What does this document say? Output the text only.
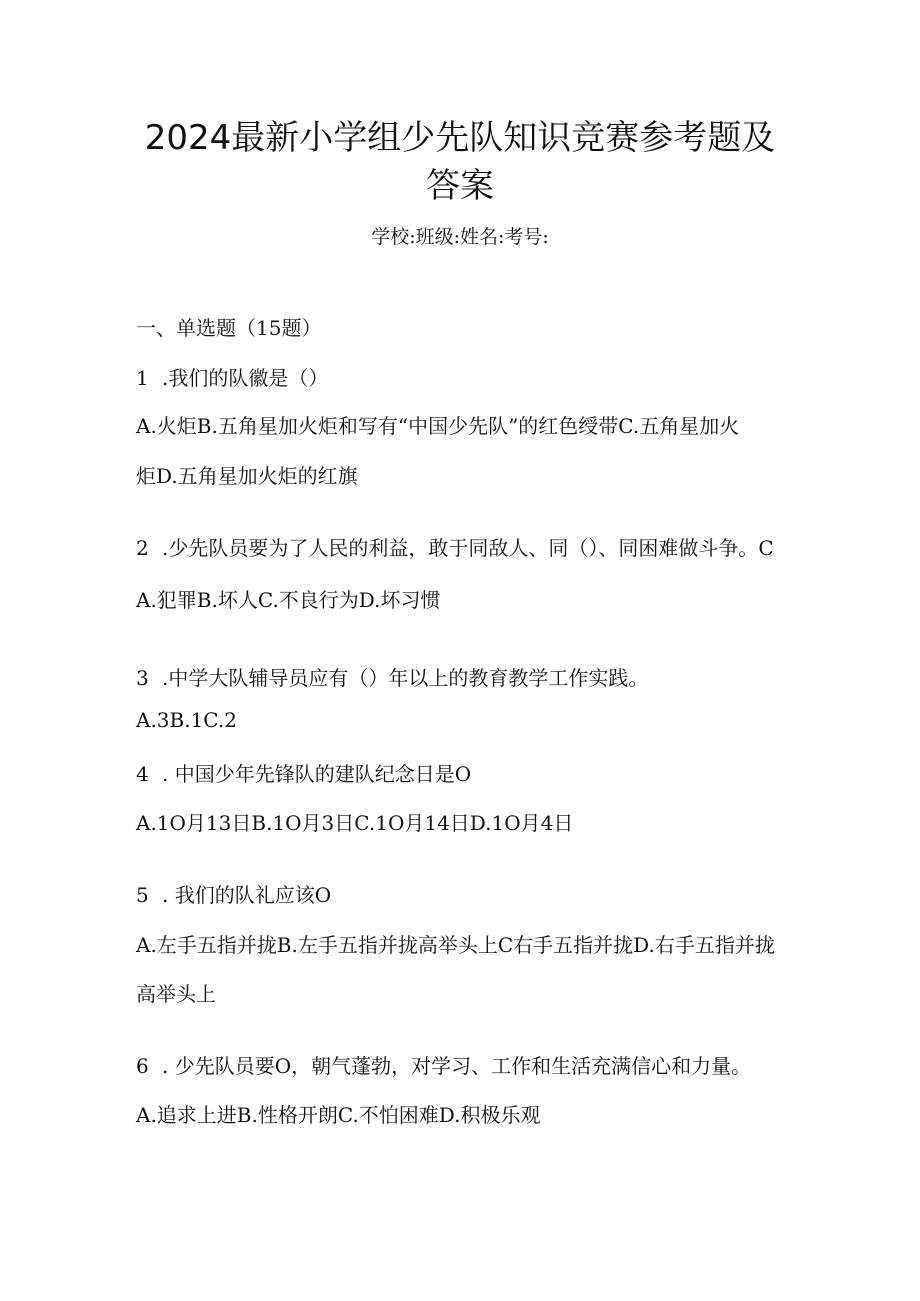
2024最新小学组少先队知识竞赛参考题及
答案
学校:班级:姓名:考号:
一、单选题（15题）
1 .我们的队徽是（）
A.火炬B.五角星加火炬和写有“中国少先队”的红色绶带C.五角星加火
炬D.五角星加火炬的红旗
2 .少先队员要为了人民的利益，敢于同敌人、同（）、同困难做斗争。C
A.犯罪B.坏人C.不良行为D.坏习惯
3 .中学大队辅导员应有（）年以上的教育教学工作实践。
A.3B.1C.2
4 . 中国少年先锋队的建队纪念日是O
A.1O月13日B.1O月3日C.1O月14日D.1O月4日
5 . 我们的队礼应该O
A.左手五指并拢B.左手五指并拢高举头上C右手五指并拢D.右手五指并拢
高举头上
6 . 少先队员要O，朝气蓬勃，对学习、工作和生活充满信心和力量。
A.追求上进B.性格开朗C.不怕困难D.积极乐观
